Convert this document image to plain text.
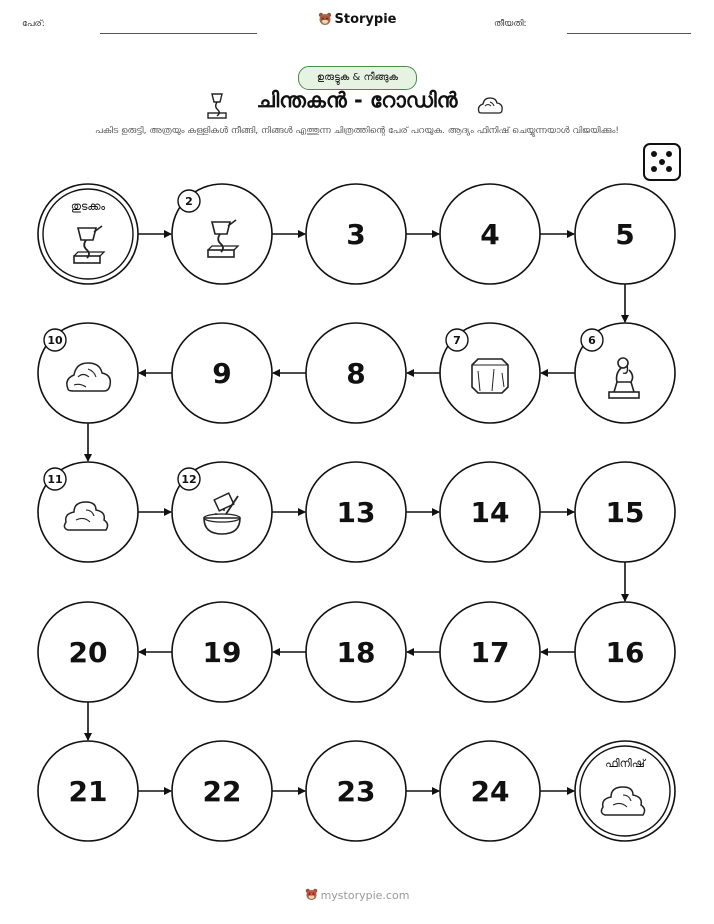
പേര്:	തീയതി:
Storypie
ഉരുട്ടുക & നീങ്ങുക
ചിന്തകൻ - റോഡിൻ
പകിട ഉരുട്ടി, അത്രയും കള്ളികൾ നീങ്ങി, നിങ്ങൾ എത്തുന്ന ചിത്രത്തിന്റെ പേര് പറയുക. ആദ്യം ഫിനിഷ് ചെയ്യുന്നയാൾ വിജയിക്കും!
തുടക്കം	2
3	4	5
6
7
8
9
10
11	12
13	14	15
16
17
18
19
20
21	22	23	24
ഫിനിഷ്
mystorypie.com
